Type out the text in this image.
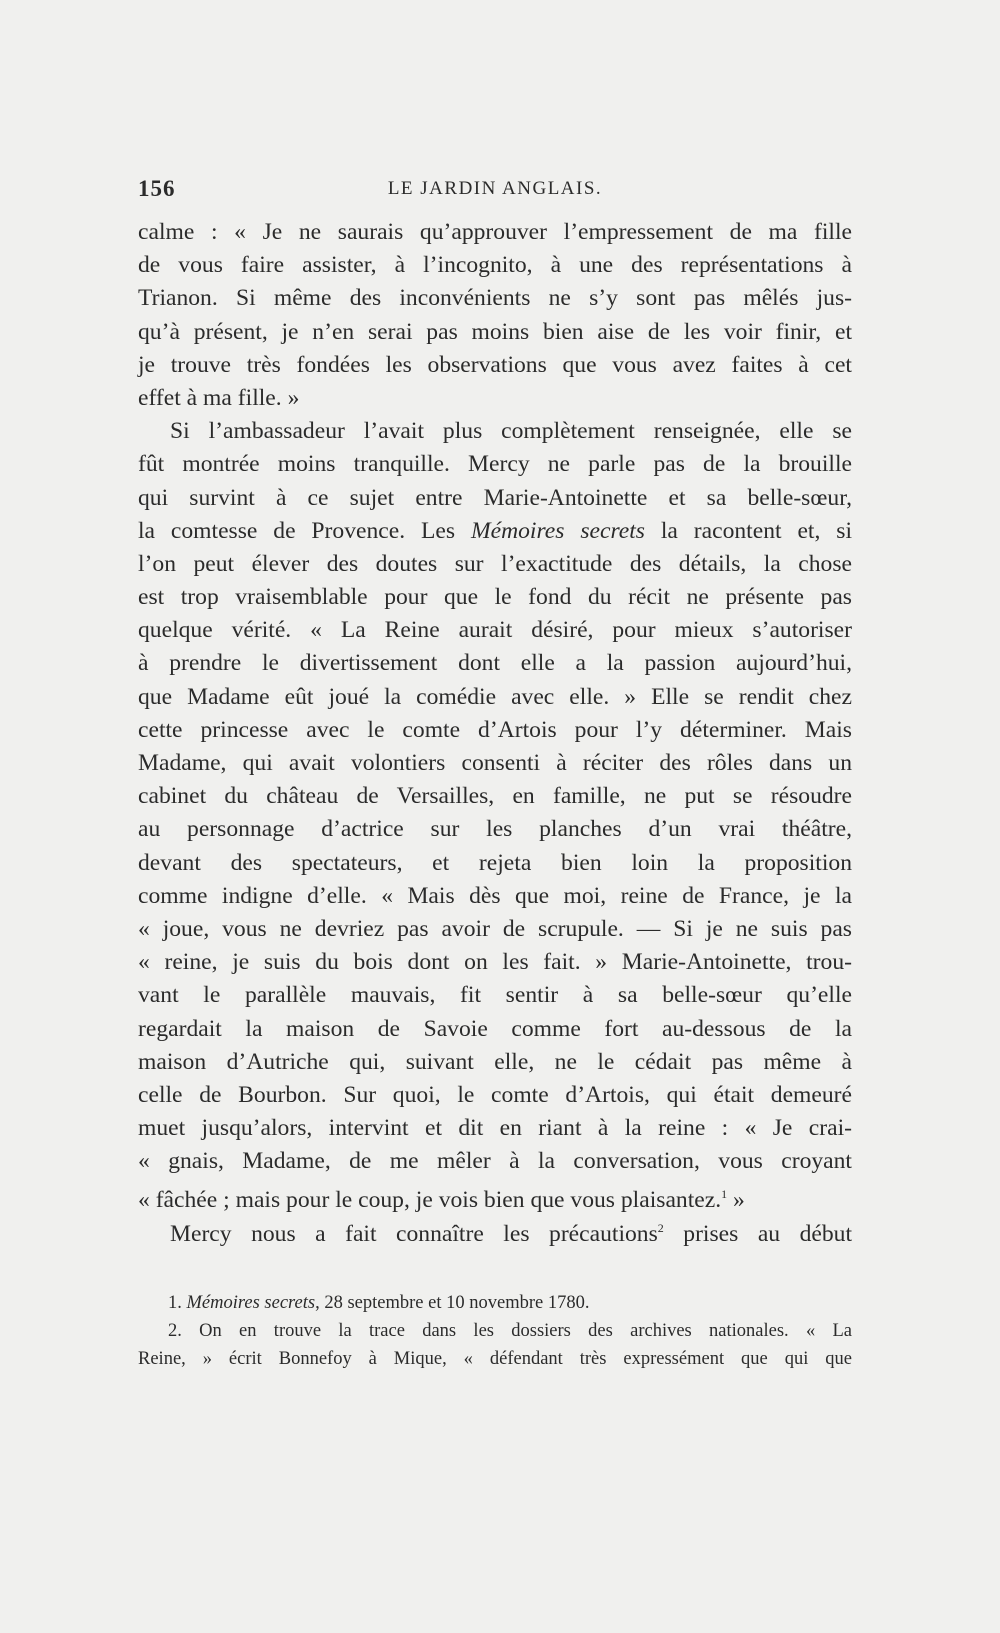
156	LE JARDIN ANGLAIS.
calme : « Je ne saurais qu’approuver l’empressement de ma fille
de vous faire assister, à l’incognito, à une des représentations à
Trianon. Si même des inconvénients ne s’y sont pas mêlés jus-
qu’à présent, je n’en serai pas moins bien aise de les voir finir, et
je trouve très fondées les observations que vous avez faites à cet
effet à ma fille. »
Si l’ambassadeur l’avait plus complètement renseignée, elle se
fût montrée moins tranquille. Mercy ne parle pas de la brouille
qui survint à ce sujet entre Marie-Antoinette et sa belle-sœur,
la comtesse de Provence. Les Mémoires secrets la racontent et, si
l’on peut élever des doutes sur l’exactitude des détails, la chose
est trop vraisemblable pour que le fond du récit ne présente pas
quelque vérité. « La Reine aurait désiré, pour mieux s’autoriser
à prendre le divertissement dont elle a la passion aujourd’hui,
que Madame eût joué la comédie avec elle. » Elle se rendit chez
cette princesse avec le comte d’Artois pour l’y déterminer. Mais
Madame, qui avait volontiers consenti à réciter des rôles dans un
cabinet du château de Versailles, en famille, ne put se résoudre
au personnage d’actrice sur les planches d’un vrai théâtre,
devant des spectateurs, et rejeta bien loin la proposition
comme indigne d’elle. « Mais dès que moi, reine de France, je la
« joue, vous ne devriez pas avoir de scrupule. — Si je ne suis pas
« reine, je suis du bois dont on les fait. » Marie-Antoinette, trou-
vant le parallèle mauvais, fit sentir à sa belle-sœur qu’elle
regardait la maison de Savoie comme fort au-dessous de la
maison d’Autriche qui, suivant elle, ne le cédait pas même à
celle de Bourbon. Sur quoi, le comte d’Artois, qui était demeuré
muet jusqu’alors, intervint et dit en riant à la reine : « Je crai-
« gnais, Madame, de me mêler à la conversation, vous croyant
« fâchée ; mais pour le coup, je vois bien que vous plaisantez.$^1$ »
Mercy nous a fait connaître les précautions$^2$ prises au début
1. Mémoires secrets, 28 septembre et 10 novembre 1780.
2. On en trouve la trace dans les dossiers des archives nationales. « La
Reine, » écrit Bonnefoy à Mique, « défendant très expressément que qui que
